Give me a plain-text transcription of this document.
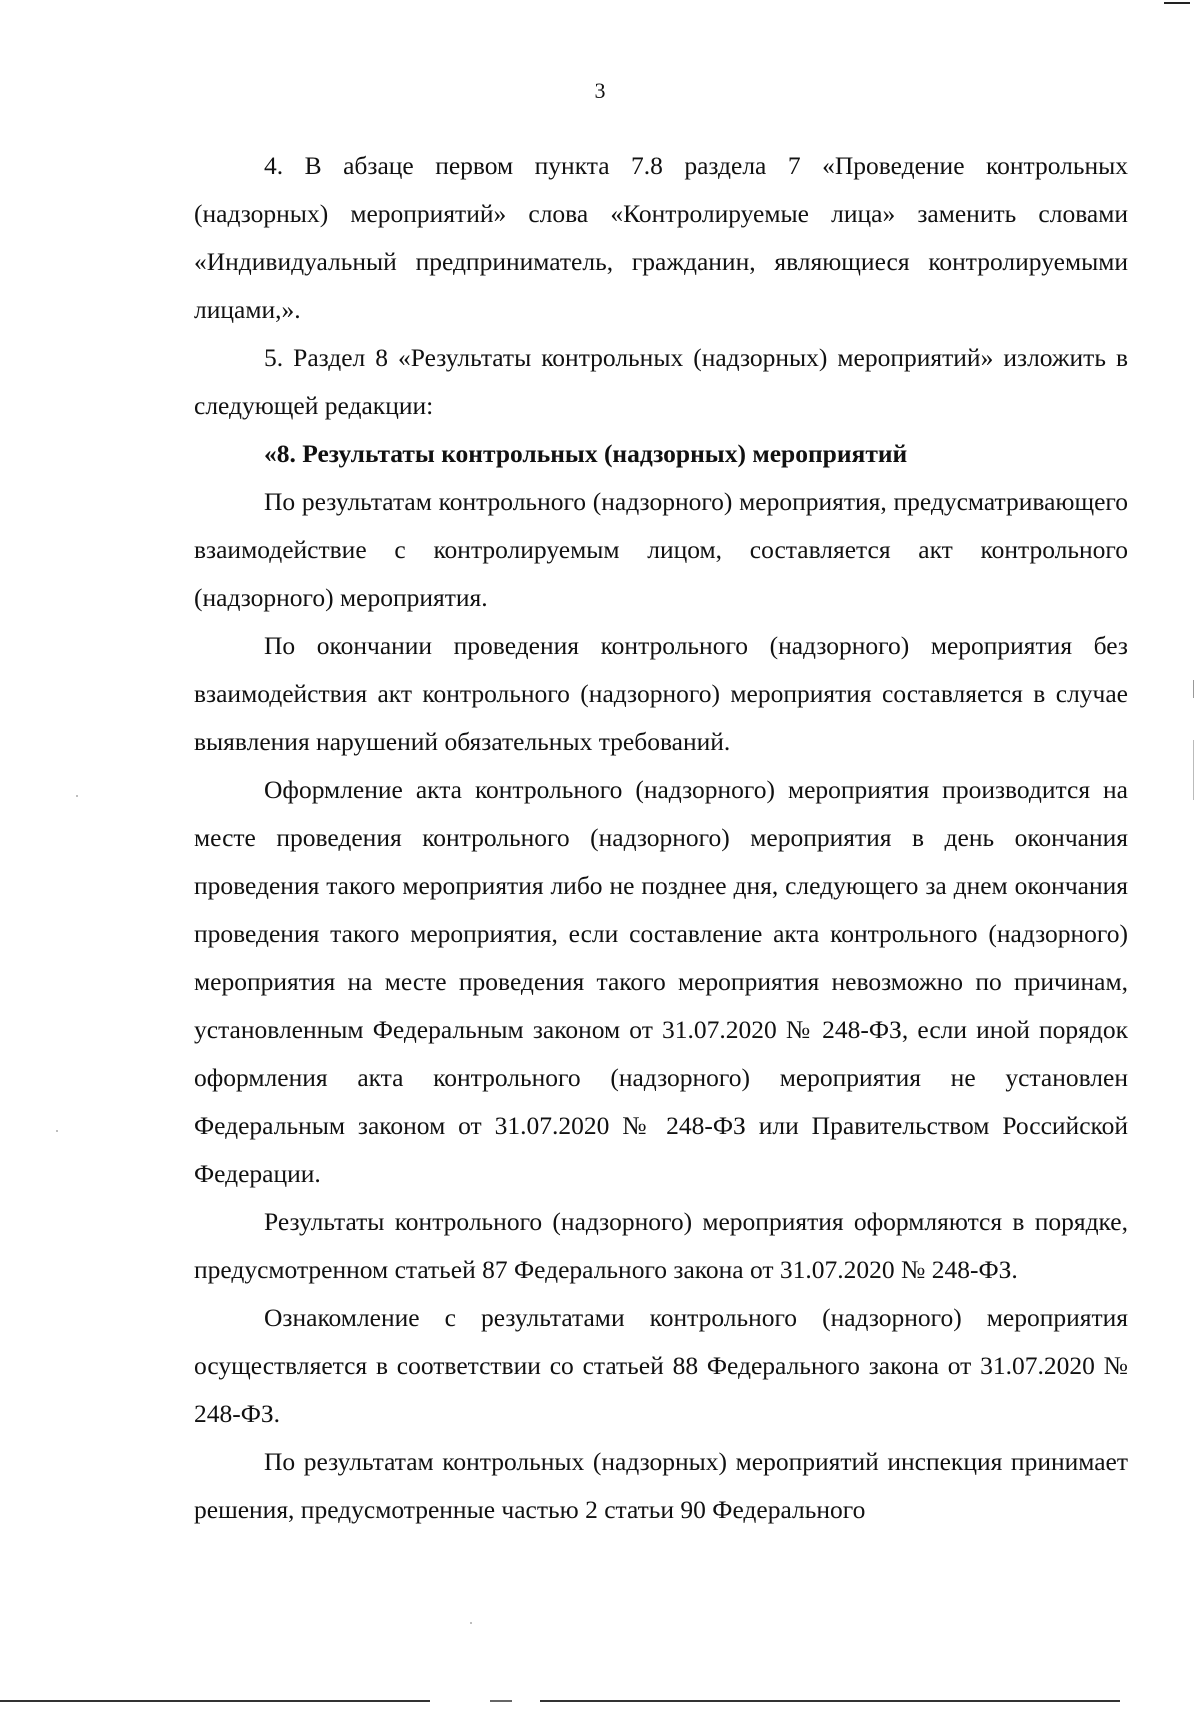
3

4. В абзаце первом пункта 7.8 раздела 7 «Проведение контрольных (надзорных) мероприятий» слова «Контролируемые лица» заменить словами «Индивидуальный предприниматель, гражданин, являющиеся контролируемыми лицами,».

5. Раздел 8 «Результаты контрольных (надзорных) мероприятий» изложить в следующей редакции:

«8. Результаты контрольных (надзорных) мероприятий

По результатам контрольного (надзорного) мероприятия, предусматривающего взаимодействие с контролируемым лицом, составляется акт контрольного (надзорного) мероприятия.

По окончании проведения контрольного (надзорного) мероприятия без взаимодействия акт контрольного (надзорного) мероприятия составляется в случае выявления нарушений обязательных требований.

Оформление акта контрольного (надзорного) мероприятия производится на месте проведения контрольного (надзорного) мероприятия в день окончания проведения такого мероприятия либо не позднее дня, следующего за днем окончания проведения такого мероприятия, если составление акта контрольного (надзорного) мероприятия на месте проведения такого мероприятия невозможно по причинам, установленным Федеральным законом от 31.07.2020 № 248-ФЗ, если иной порядок оформления акта контрольного (надзорного) мероприятия не установлен Федеральным законом от 31.07.2020 № 248-ФЗ или Правительством Российской Федерации.

Результаты контрольного (надзорного) мероприятия оформляются в порядке, предусмотренном статьей 87 Федерального закона от 31.07.2020 № 248-ФЗ.

Ознакомление с результатами контрольного (надзорного) мероприятия осуществляется в соответствии со статьей 88 Федерального закона от 31.07.2020 № 248-ФЗ.

По результатам контрольных (надзорных) мероприятий инспекция принимает решения, предусмотренные частью 2 статьи 90 Федерального
